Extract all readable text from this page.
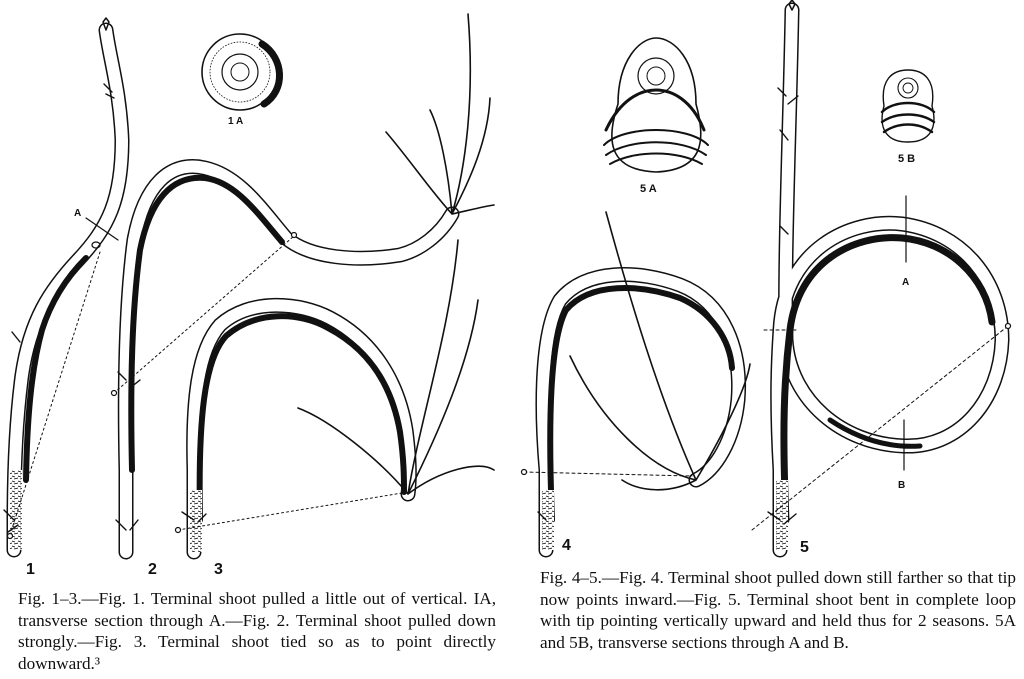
1	2	3
4	5
1 A
5 A
5 B
A
A
B
Fig. 1–3.—Fig. 1. Terminal shoot pulled a little out of vertical. IA, transverse section through A.—Fig. 2. Terminal shoot pulled down strongly.—Fig. 3. Terminal shoot tied so as to point directly downward.³
Fig. 4–5.—Fig. 4. Terminal shoot pulled down still farther so that tip now points inward.—Fig. 5. Terminal shoot bent in complete loop with tip pointing vertically upward and held thus for 2 seasons. 5A and 5B, transverse sections through A and B.
